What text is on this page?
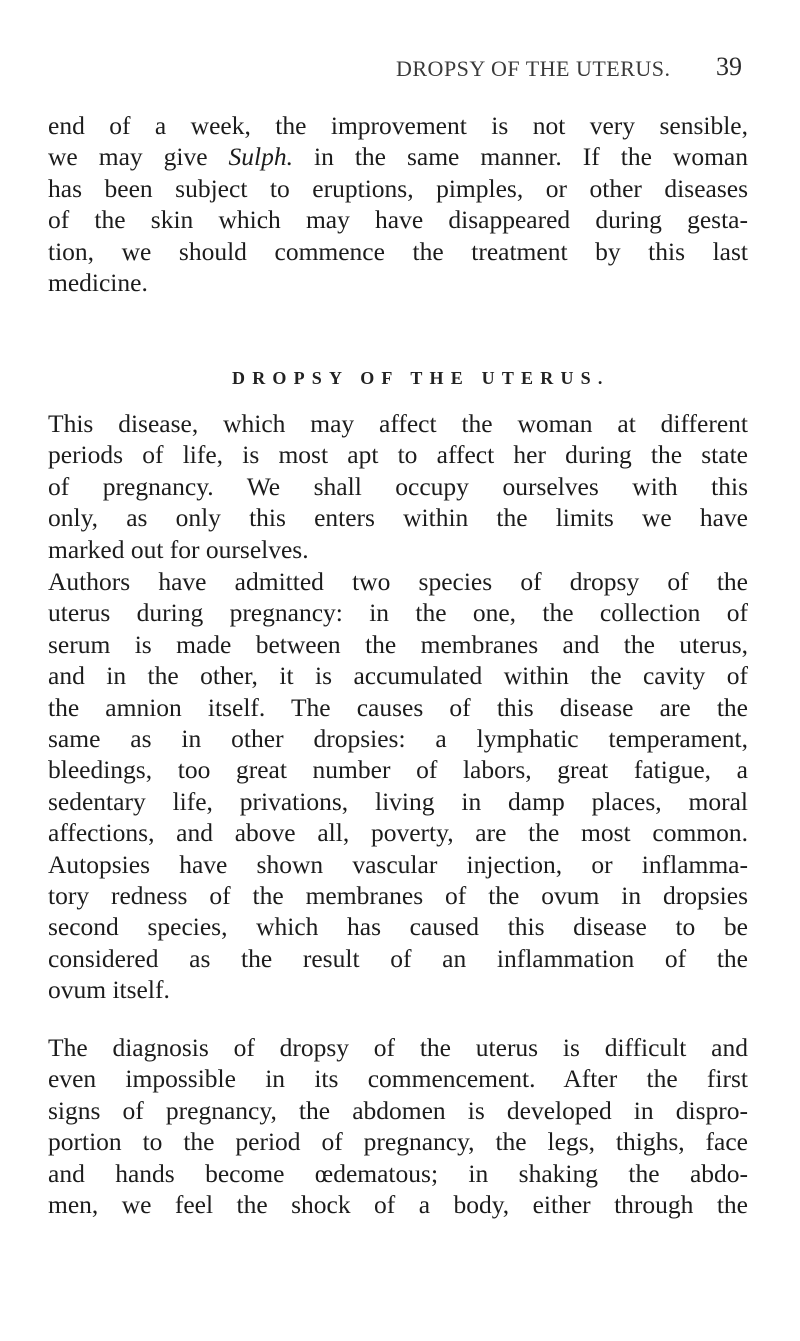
DROPSY OF THE UTERUS. 39
end of a week, the improvement is not very sensible,
we may give Sulph. in the same manner. If the woman
has been subject to eruptions, pimples, or other diseases
of the skin which may have disappeared during gesta-
tion, we should commence the treatment by this last
medicine.
DROPSY OF THE UTERUS.
This disease, which may affect the woman at different
periods of life, is most apt to affect her during the state
of pregnancy. We shall occupy ourselves with this
only, as only this enters within the limits we have
marked out for ourselves.
Authors have admitted two species of dropsy of the
uterus during pregnancy: in the one, the collection of
serum is made between the membranes and the uterus,
and in the other, it is accumulated within the cavity of
the amnion itself. The causes of this disease are the
same as in other dropsies: a lymphatic temperament,
bleedings, too great number of labors, great fatigue, a
sedentary life, privations, living in damp places, moral
affections, and above all, poverty, are the most common.
Autopsies have shown vascular injection, or inflamma-
tory redness of the membranes of the ovum in dropsies
second species, which has caused this disease to be
considered as the result of an inflammation of the
ovum itself.
The diagnosis of dropsy of the uterus is difficult and
even impossible in its commencement. After the first
signs of pregnancy, the abdomen is developed in dispro-
portion to the period of pregnancy, the legs, thighs, face
and hands become œdematous; in shaking the abdo-
men, we feel the shock of a body, either through the
